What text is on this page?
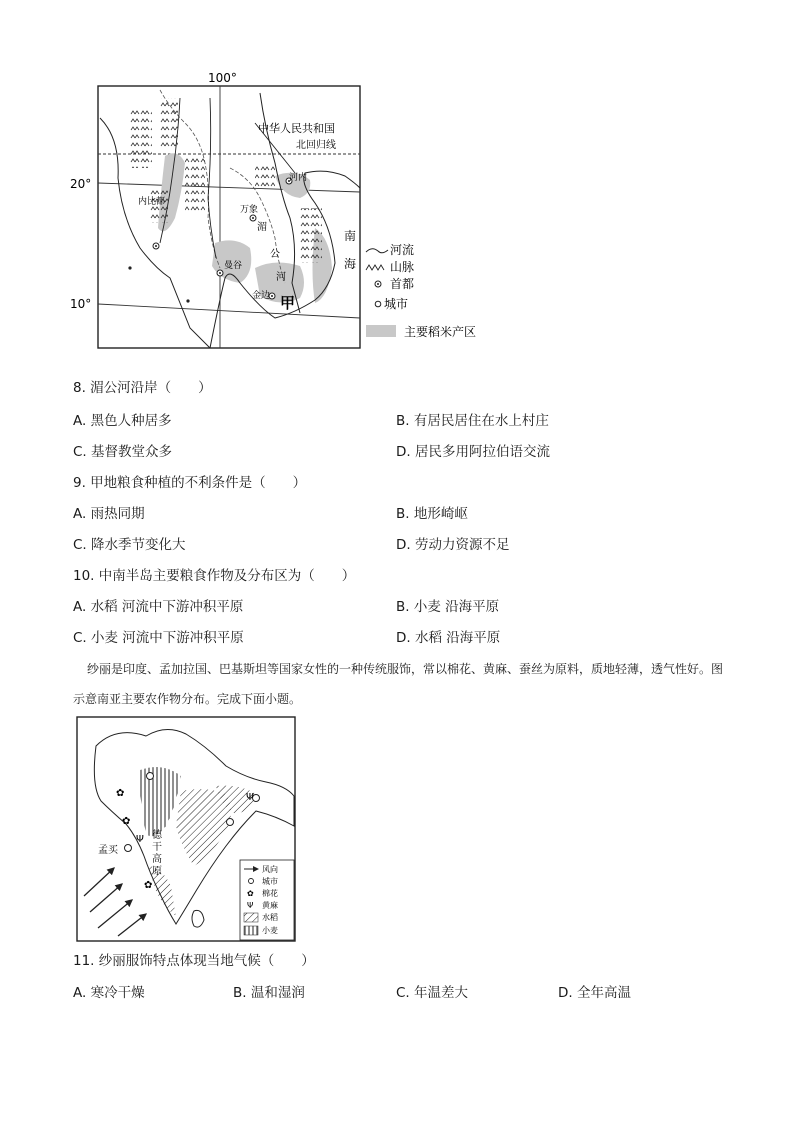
100°
20°
10°
中华人民共和国
北回归线
河内
内比都
万象
曼谷
金边
湄
公
河
南
海
甲
河流
山脉
首都
城市
主要稻米产区
8. 湄公河沿岸（　　）
A. 黑色人种居多	B. 有居民居住在水上村庄
C. 基督教堂众多	D. 居民多用阿拉伯语交流
9. 甲地粮食种植的不利条件是（　　）
A. 雨热同期	B. 地形崎岖
C. 降水季节变化大	D. 劳动力资源不足
10. 中南半岛主要粮食作物及分布区为（　　）
A. 水稻 河流中下游冲积平原	B. 小麦 沿海平原
C. 小麦 河流中下游冲积平原	D. 水稻 沿海平原
纱丽是印度、孟加拉国、巴基斯坦等国家女性的一种传统服饰，常以棉花、黄麻、蚕丝为原料，质地轻薄，透气性好。图示意南亚主要农作物分布。完成下面小题。
✿
✿
✿
Ψ
Ψ
孟买
德
干
高
原	风向
城市
✿ 棉花
Ψ 黄麻
水稻
小麦
11. 纱丽服饰特点体现当地气候（　　）
A. 寒冷干燥	B. 温和湿润	C. 年温差大	D. 全年高温
